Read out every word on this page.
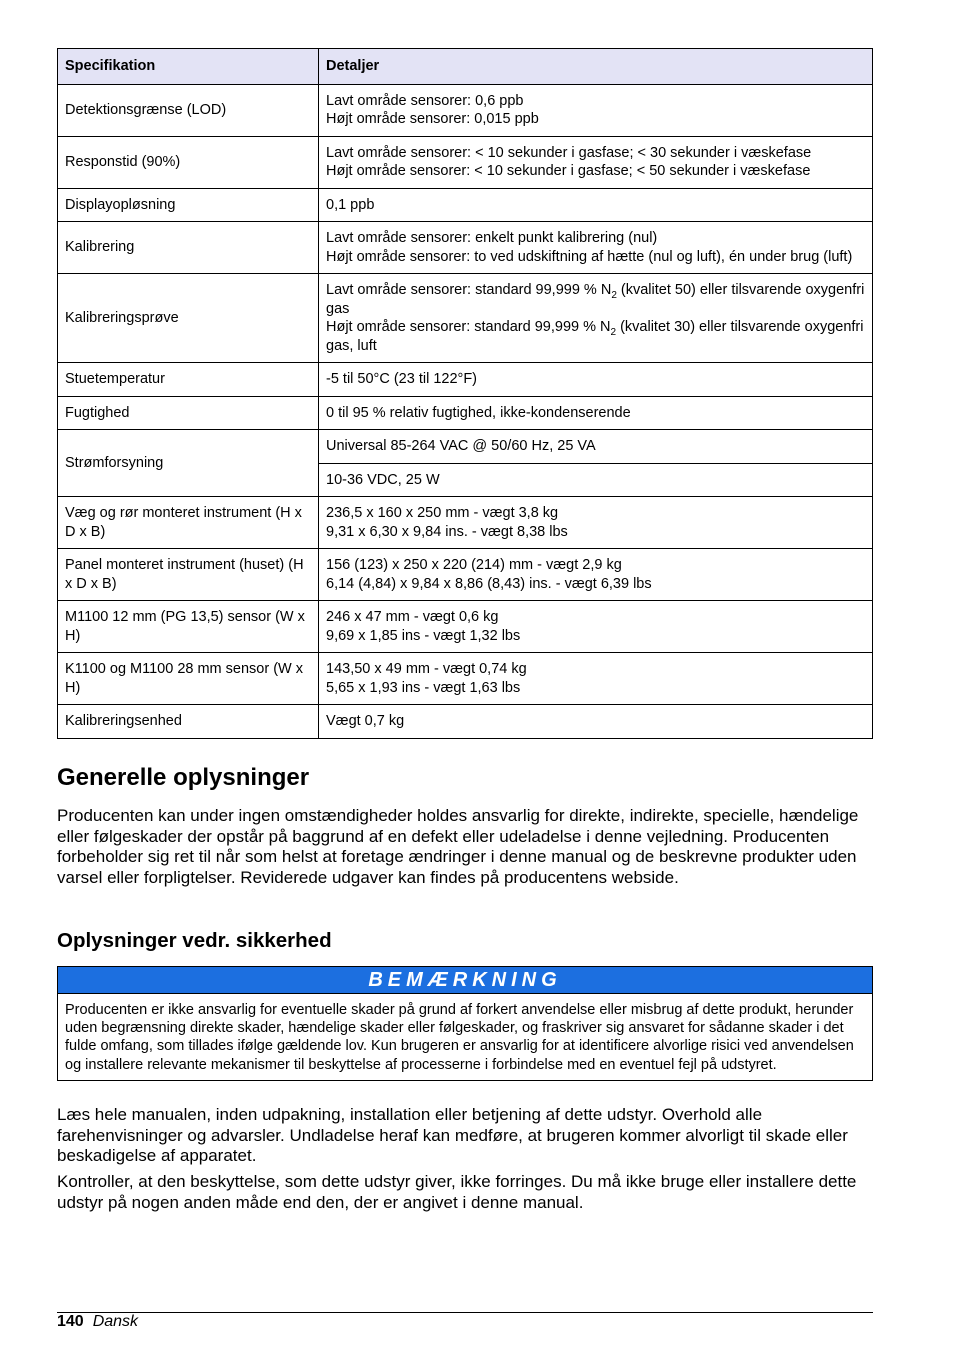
Specifikation	Detaljer
Detektionsgrænse (LOD)	Lavt område sensorer: 0,6 ppb
Højt område sensorer: 0,015 ppb

Responstid (90%)	Lavt område sensorer: < 10 sekunder i gasfase; < 30 sekunder i væskefase
Højt område sensorer: < 10 sekunder i gasfase; < 50 sekunder i væskefase

Displayopløsning	0,1 ppb

Kalibrering	Lavt område sensorer: enkelt punkt kalibrering (nul)
Højt område sensorer: to ved udskiftning af hætte (nul og luft), én under brug (luft)

Kalibreringsprøve	Lavt område sensorer: standard 99,999 % $N_2$ (kvalitet 50) eller tilsvarende oxygenfri gas
Højt område sensorer: standard 99,999 % $N_2$ (kvalitet 30) eller tilsvarende oxygenfri gas, luft

Stuetemperatur	-5 til 50°C (23 til 122°F)

Fugtighed	0 til 95 % relativ fugtighed, ikke-kondenserende

Strømforsyning	Universal 85-264 VAC @ 50/60 Hz, 25 VA

	10-36 VDC, 25 W

Væg og rør monteret instrument (H x D x B)	236,5 x 160 x 250 mm - vægt 3,8 kg
9,31 x 6,30 x 9,84 ins. - vægt 8,38 lbs

Panel monteret instrument (huset) (H x D x B)	156 (123) x 250 x 220 (214) mm - vægt 2,9 kg
6,14 (4,84) x 9,84 x 8,86 (8,43) ins. - vægt 6,39 lbs

M1100 12 mm (PG 13,5) sensor (W x H)	246 x 47 mm - vægt 0,6 kg
9,69 x 1,85 ins - vægt 1,32 lbs

K1100 og M1100 28 mm sensor (W x H)	143,50 x 49 mm - vægt 0,74 kg
5,65 x 1,93 ins - vægt 1,63 lbs

Kalibreringsenhed	Vægt 0,7 kg
Generelle oplysninger

Producenten kan under ingen omstændigheder holdes ansvarlig for direkte, indirekte, specielle, hændelige eller følgeskader der opstår på baggrund af en defekt eller udeladelse i denne vejledning. Producenten forbeholder sig ret til når som helst at foretage ændringer i denne manual og de beskrevne produkter uden varsel eller forpligtelser. Reviderede udgaver kan findes på producentens webside.

Oplysninger vedr. sikkerhed
BEMÆRKNING
Producenten er ikke ansvarlig for eventuelle skader på grund af forkert anvendelse eller misbrug af dette produkt, herunder uden begrænsning direkte skader, hændelige skader eller følgeskader, og fraskriver sig ansvaret for sådanne skader i det fulde omfang, som tillades ifølge gældende lov. Kun brugeren er ansvarlig for at identificere alvorlige risici ved anvendelsen og installere relevante mekanismer til beskyttelse af processerne i forbindelse med en eventuel fejl på udstyret.

Læs hele manualen, inden udpakning, installation eller betjening af dette udstyr. Overhold alle farehenvisninger og advarsler. Undladelse heraf kan medføre, at brugeren kommer alvorligt til skade eller beskadigelse af apparatet.

Kontroller, at den beskyttelse, som dette udstyr giver, ikke forringes. Du må ikke bruge eller installere dette udstyr på nogen anden måde end den, der er angivet i denne manual.

140 Dansk
